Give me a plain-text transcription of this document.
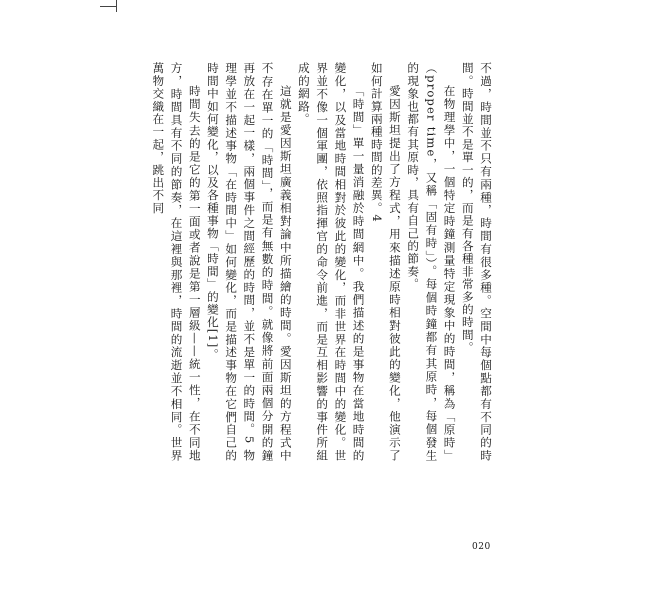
不過，時間並不只有兩種，時間有很多種。空間中每個點都有不同的時間。時間並不是單一的，而是有各種非常多的時間。

在物理學中，一個特定時鐘測量特定現象中的時間，稱為「原時」（proper time，又稱「固有時」）。每個時鐘都有其原時，每個發生的現象也都有其原時，具有自己的節奏。

愛因斯坦提出了方程式，用來描述原時相對彼此的變化，他演示了如何計算兩種時間的差異。4

「時間」單一量消融於時間網中。我們描述的是事物在當地時間的變化，以及當地時間相對於彼此的變化，而非世界在時間中的變化。世界並不像一個軍團，依照指揮官的命令前進，而是互相影響的事件所組成的網路。

這就是愛因斯坦廣義相對論中所描繪的時間。愛因斯坦的方程式中不存在單一的「時間」，而是有無數的時間。就像將前面兩個分開的鐘再放在一起一樣，兩個事件之間經歷的時間，並不是單一的時間。5 物理學並不描述事物「在時間中」如何變化，而是描述事物在它們自己的時間中如何變化，以及各種事物「時間」的變化[1]。

時間失去的是它的第一面或者說是第一層級——統一性，在不同地方，時間具有不同的節奏，在這裡與那裡，時間的流逝並不相同。世界萬物交織在一起，跳出不同

020
